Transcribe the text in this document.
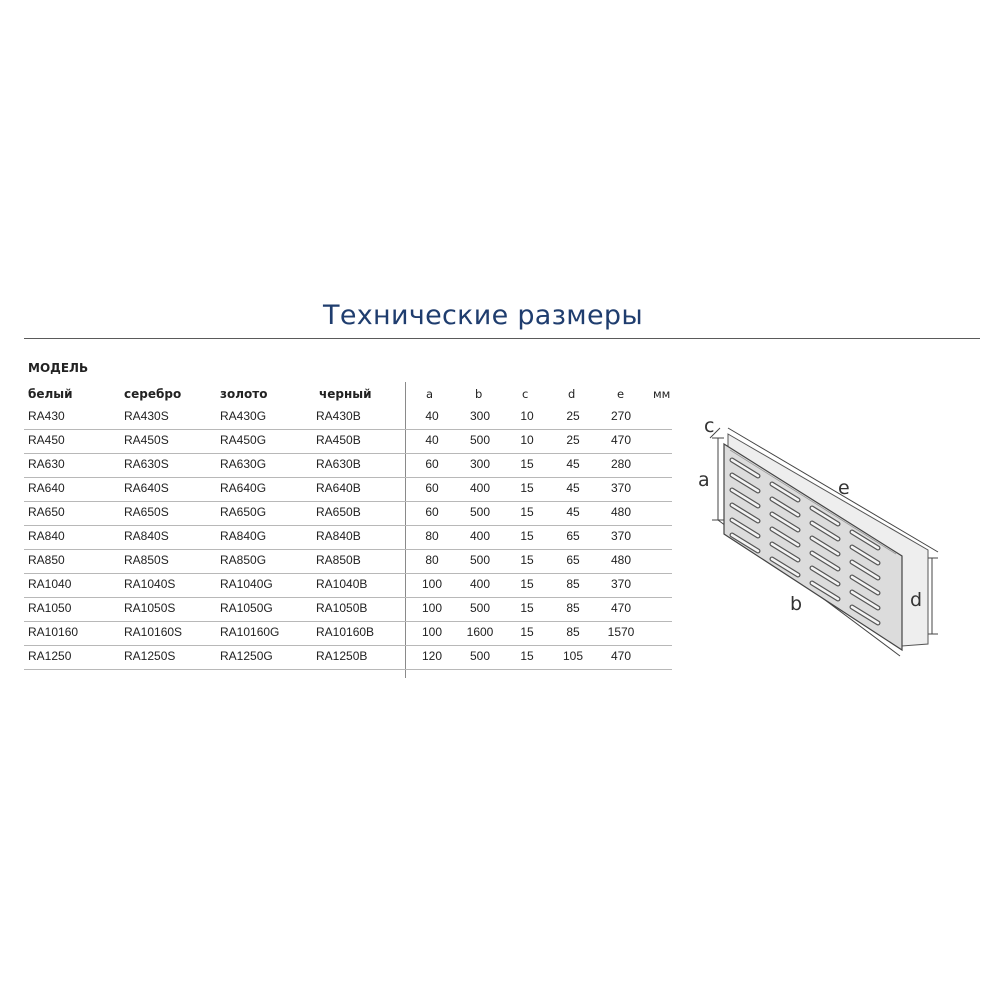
Технические размеры
МОДЕЛЬ
белый	серебро	золото	черный	a	b	c	d	e	мм
RA430	RA430S	RA430G	RA430B	40	300	10	25	270
RA450	RA450S	RA450G	RA450B	40	500	10	25	470
RA630	RA630S	RA630G	RA630B	60	300	15	45	280
RA640	RA640S	RA640G	RA640B	60	400	15	45	370
RA650	RA650S	RA650G	RA650B	60	500	15	45	480
RA840	RA840S	RA840G	RA840B	80	400	15	65	370
RA850	RA850S	RA850G	RA850B	80	500	15	65	480
RA1040	RA1040S	RA1040G	RA1040B	100	400	15	85	370
RA1050	RA1050S	RA1050G	RA1050B	100	500	15	85	470
RA10160	RA10160S	RA10160G	RA10160B	100	1600	15	85	1570
RA1250	RA1250S	RA1250G	RA1250B	120	500	15	105	470
c
a	e
b	d
